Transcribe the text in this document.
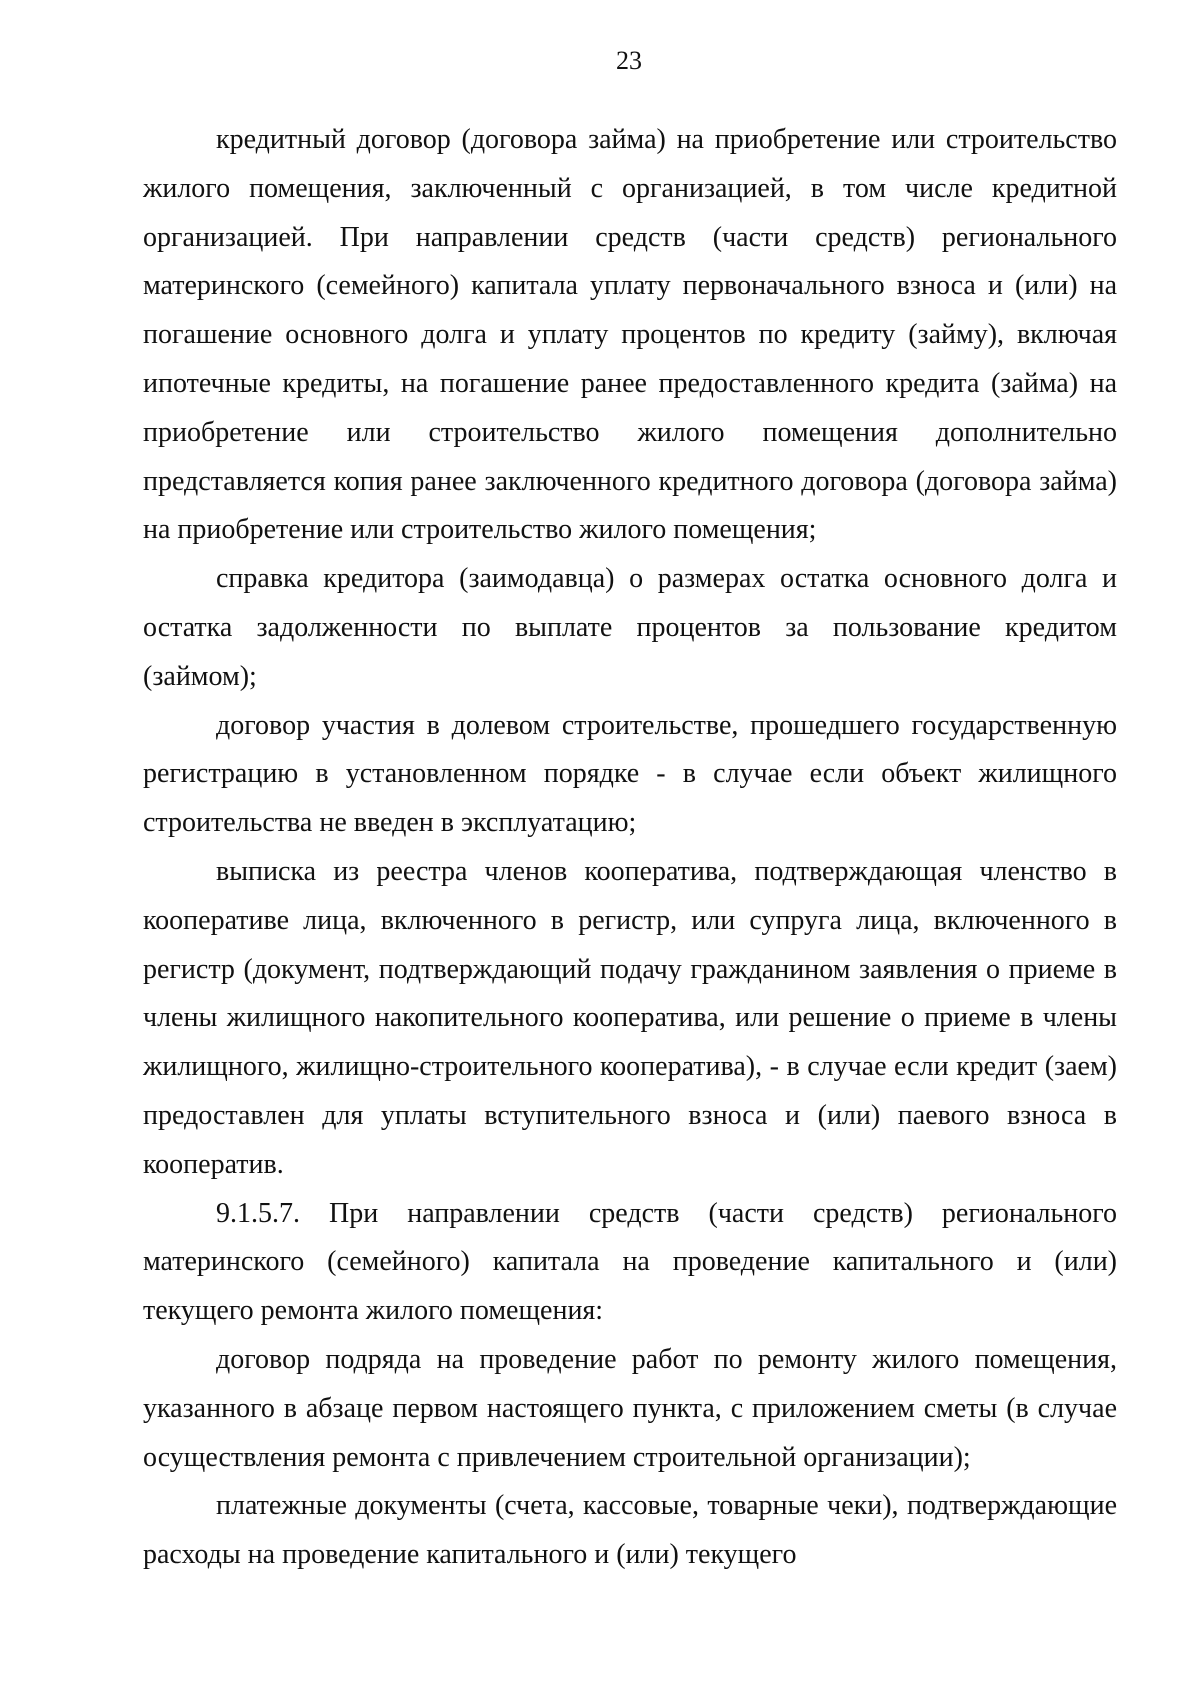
23

кредитный договор (договора займа) на приобретение или строительство жилого помещения, заключенный с организацией, в том числе кредитной организацией. При направлении средств (части средств) регионального материнского (семейного) капитала уплату первоначального взноса и (или) на погашение основного долга и уплату процентов по кредиту (займу), включая ипотечные кредиты, на погашение ранее предоставленного кредита (займа) на приобретение или строительство жилого помещения дополнительно представляется копия ранее заключенного кредитного договора (договора займа) на приобретение или строительство жилого помещения;

справка кредитора (заимодавца) о размерах остатка основного долга и остатка задолженности по выплате процентов за пользование кредитом (займом);

договор участия в долевом строительстве, прошедшего государственную регистрацию в установленном порядке - в случае если объект жилищного строительства не введен в эксплуатацию;

выписка из реестра членов кооператива, подтверждающая членство в кооперативе лица, включенного в регистр, или супруга лица, включенного в регистр (документ, подтверждающий подачу гражданином заявления о приеме в члены жилищного накопительного кооператива, или решение о приеме в члены жилищного, жилищно-строительного кооператива), - в случае если кредит (заем) предоставлен для уплаты вступительного взноса и (или) паевого взноса в кооператив.

9.1.5.7. При направлении средств (части средств) регионального материнского (семейного) капитала на проведение капитального и (или) текущего ремонта жилого помещения:

договор подряда на проведение работ по ремонту жилого помещения, указанного в абзаце первом настоящего пункта, с приложением сметы (в случае осуществления ремонта с привлечением строительной организации);

платежные документы (счета, кассовые, товарные чеки), подтверждающие расходы на проведение капитального и (или) текущего
